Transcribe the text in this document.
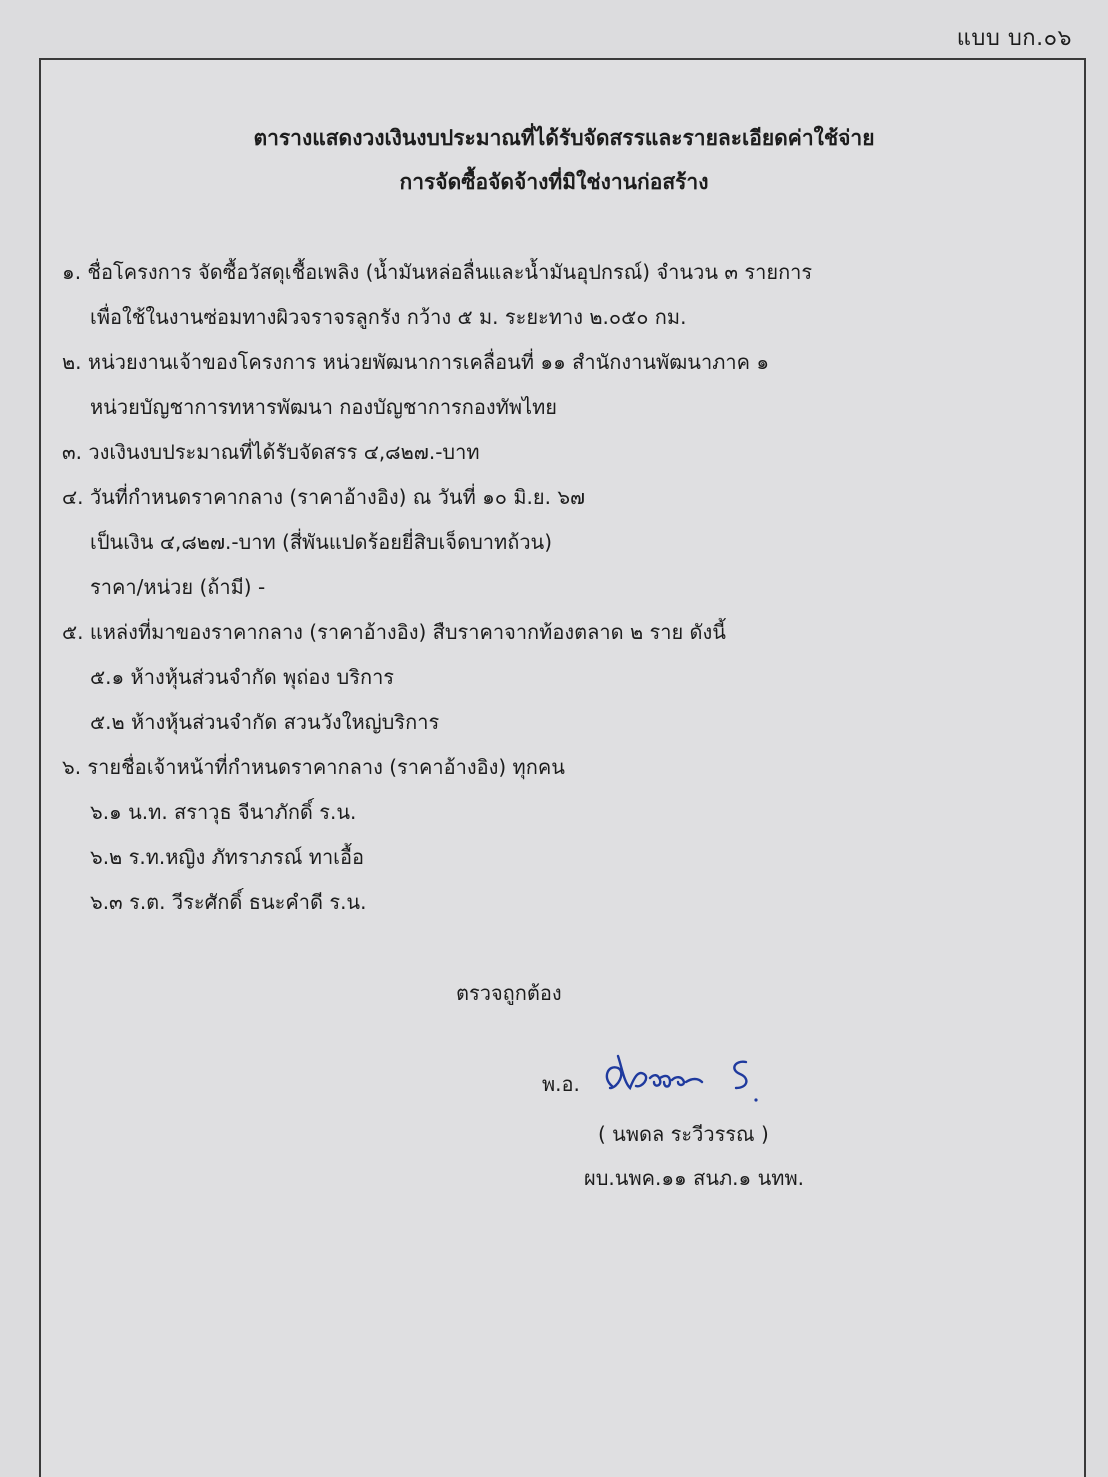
แบบ บก.๐๖
ตารางแสดงวงเงินงบประมาณที่ได้รับจัดสรรและรายละเอียดค่าใช้จ่าย
การจัดซื้อจัดจ้างที่มิใช่งานก่อสร้าง
๑. ชื่อโครงการ จัดซื้อวัสดุเชื้อเพลิง (น้ำมันหล่อลื่นและน้ำมันอุปกรณ์) จำนวน ๓ รายการ
เพื่อใช้ในงานซ่อมทางผิวจราจรลูกรัง กว้าง ๕ ม. ระยะทาง ๒.๐๕๐ กม.
๒. หน่วยงานเจ้าของโครงการ หน่วยพัฒนาการเคลื่อนที่ ๑๑ สำนักงานพัฒนาภาค ๑
หน่วยบัญชาการทหารพัฒนา กองบัญชาการกองทัพไทย
๓. วงเงินงบประมาณที่ได้รับจัดสรร ๔,๘๒๗.-บาท
๔. วันที่กำหนดราคากลาง (ราคาอ้างอิง) ณ วันที่ ๑๐ มิ.ย. ๖๗
เป็นเงิน ๔,๘๒๗.-บาท (สี่พันแปดร้อยยี่สิบเจ็ดบาทถ้วน)
ราคา/หน่วย (ถ้ามี) -
๕. แหล่งที่มาของราคากลาง (ราคาอ้างอิง) สืบราคาจากท้องตลาด ๒ ราย ดังนี้
๕.๑ ห้างหุ้นส่วนจำกัด พุถ่อง บริการ
๕.๒ ห้างหุ้นส่วนจำกัด สวนวังใหญ่บริการ
๖. รายชื่อเจ้าหน้าที่กำหนดราคากลาง (ราคาอ้างอิง) ทุกคน
๖.๑ น.ท. สราวุธ จีนาภักดิ์ ร.น.
๖.๒ ร.ท.หญิง ภัทราภรณ์ ทาเอื้อ
๖.๓ ร.ต. วีระศักดิ์ ธนะคำดี ร.น.
ตรวจถูกต้อง
พ.อ.
( นพดล ระวีวรรณ )
ผบ.นพค.๑๑ สนภ.๑ นทพ.
